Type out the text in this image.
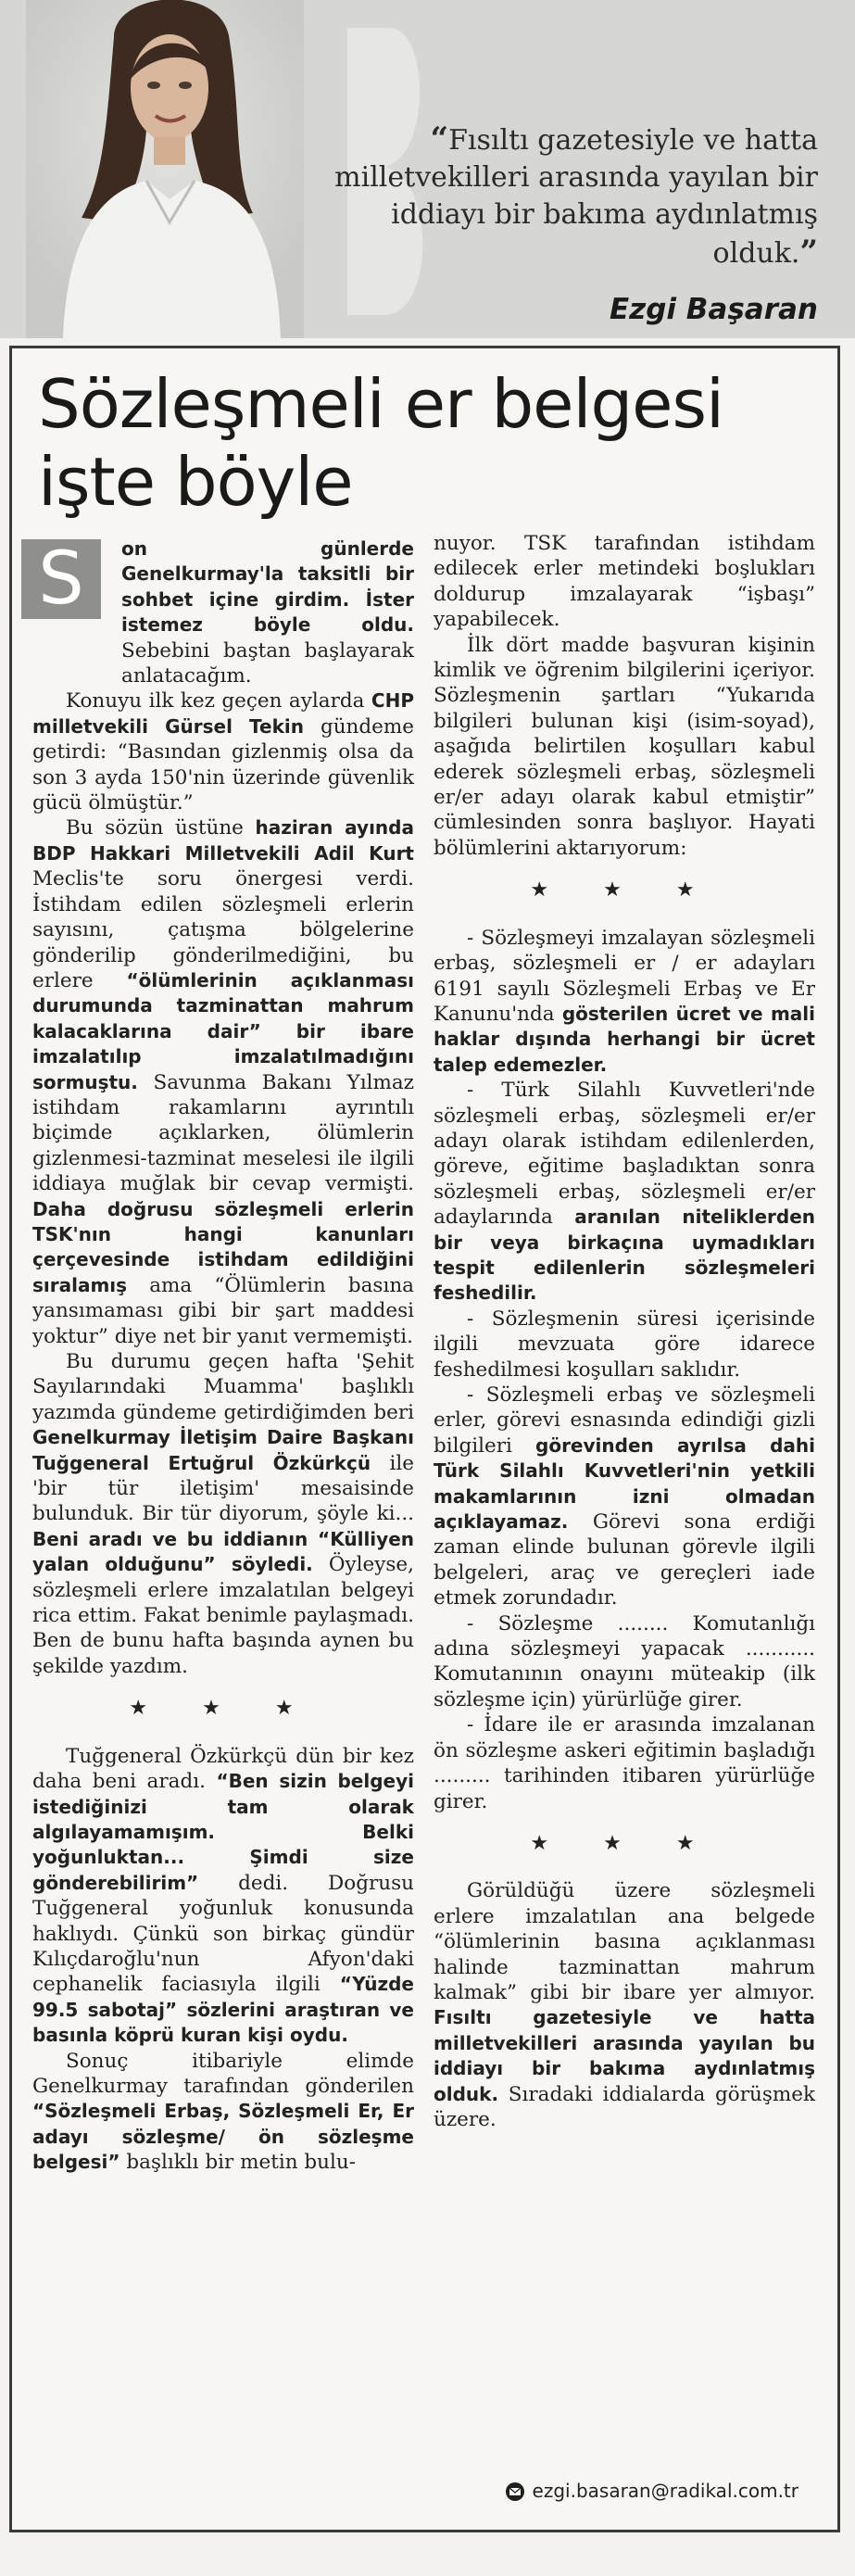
“Fısıltı gazetesiyle ve hatta milletvekilleri arasında yayılan bir iddiayı bir bakıma aydınlatmış olduk.”
Ezgi Başaran
Sözleşmeli er belgesi işte böyle
S	on günlerde Genelkurmay'la taksitli bir sohbet içine girdim. İster istemez böyle oldu. Sebebini baştan başlayarak anlatacağım.

Konuyu ilk kez geçen aylarda CHP milletvekili Gürsel Tekin gündeme getirdi: “Basından gizlenmiş olsa da son 3 ayda 150'nin üzerinde güvenlik gücü ölmüştür.”

Bu sözün üstüne haziran ayında BDP Hakkari Milletvekili Adil Kurt Meclis'te soru önergesi verdi. İstihdam edilen sözleşmeli erlerin sayısını, çatışma bölgelerine gönderilip gönderilmediğini, bu erlere “ölümlerinin açıklanması durumunda tazminattan mahrum kalacaklarına dair” bir ibare imzalatılıp imzalatılmadığını sormuştu. Savunma Bakanı Yılmaz istihdam rakamlarını ayrıntılı biçimde açıklarken, ölümlerin gizlenmesi-tazminat meselesi ile ilgili iddiaya muğlak bir cevap vermişti. Daha doğrusu sözleşmeli erlerin TSK'nın hangi kanunları çerçevesinde istihdam edildiğini sıralamış ama “Ölümlerin basına yansımaması gibi bir şart maddesi yoktur” diye net bir yanıt vermemişti.

Bu durumu geçen hafta 'Şehit Sayılarındaki Muamma' başlıklı yazımda gündeme getirdiğimden beri Genelkurmay İletişim Daire Başkanı Tuğgeneral Ertuğrul Özkürkçü ile 'bir tür iletişim' mesaisinde bulunduk. Bir tür diyorum, şöyle ki... Beni aradı ve bu iddianın “Külliyen yalan olduğunu” söyledi. Öyleyse, sözleşmeli erlere imzalatılan belgeyi rica ettim. Fakat benimle paylaşmadı. Ben de bunu hafta başında aynen bu şekilde yazdım.

★ ★ ★

Tuğgeneral Özkürkçü dün bir kez daha beni aradı. “Ben sizin belgeyi istediğinizi tam olarak algılayamamışım. Belki yoğunluktan... Şimdi size gönderebilirim” dedi. Doğrusu Tuğgeneral yoğunluk konusunda haklıydı. Çünkü son birkaç gündür Kılıçdaroğlu'nun Afyon'daki cephanelik faciasıyla ilgili “Yüzde 99.5 sabotaj” sözlerini araştıran ve basınla köprü kuran kişi oydu.

Sonuç itibariyle elimde Genelkurmay tarafından gönderilen “Sözleşmeli Erbaş, Sözleşmeli Er, Er adayı sözleşme/ ön sözleşme belgesi” başlıklı bir metin bulu-

nuyor. TSK tarafından istihdam edilecek erler metindeki boşlukları doldurup imzalayarak “işbaşı” yapabilecek.

İlk dört madde başvuran kişinin kimlik ve öğrenim bilgilerini içeriyor. Sözleşmenin şartları “Yukarıda bilgileri bulunan kişi (isim-soyad), aşağıda belirtilen koşulları kabul ederek sözleşmeli erbaş, sözleşmeli er/er adayı olarak kabul etmiştir” cümlesinden sonra başlıyor. Hayati bölümlerini aktarıyorum:

★ ★ ★

- Sözleşmeyi imzalayan sözleşmeli erbaş, sözleşmeli er / er adayları 6191 sayılı Sözleşmeli Erbaş ve Er Kanunu'nda gösterilen ücret ve mali haklar dışında herhangi bir ücret talep edemezler.

- Türk Silahlı Kuvvetleri'nde sözleşmeli erbaş, sözleşmeli er/er adayı olarak istihdam edilenlerden, göreve, eğitime başladıktan sonra sözleşmeli erbaş, sözleşmeli er/er adaylarında aranılan niteliklerden bir veya birkaçına uymadıkları tespit edilenlerin sözleşmeleri feshedilir.

- Sözleşmenin süresi içerisinde ilgili mevzuata göre idarece feshedilmesi koşulları saklıdır.

- Sözleşmeli erbaş ve sözleşmeli erler, görevi esnasında edindiği gizli bilgileri görevinden ayrılsa dahi Türk Silahlı Kuvvetleri'nin yetkili makamlarının izni olmadan açıklayamaz. Görevi sona erdiği zaman elinde bulunan görevle ilgili belgeleri, araç ve gereçleri iade etmek zorundadır.

- Sözleşme ........ Komutanlığı adına sözleşmeyi yapacak ........... Komutanının onayını müteakip (ilk sözleşme için) yürürlüğe girer.

- İdare ile er arasında imzalanan ön sözleşme askeri eğitimin başladığı ......... tarihinden itibaren yürürlüğe girer.

★ ★ ★

Görüldüğü üzere sözleşmeli erlere imzalatılan ana belgede “ölümlerinin basına açıklanması halinde tazminattan mahrum kalmak” gibi bir ibare yer almıyor. Fısıltı gazetesiyle ve hatta milletvekilleri arasında yayılan bu iddiayı bir bakıma aydınlatmış olduk. Sıradaki iddialarda görüşmek üzere.

ezgi.basaran@radikal.com.tr
